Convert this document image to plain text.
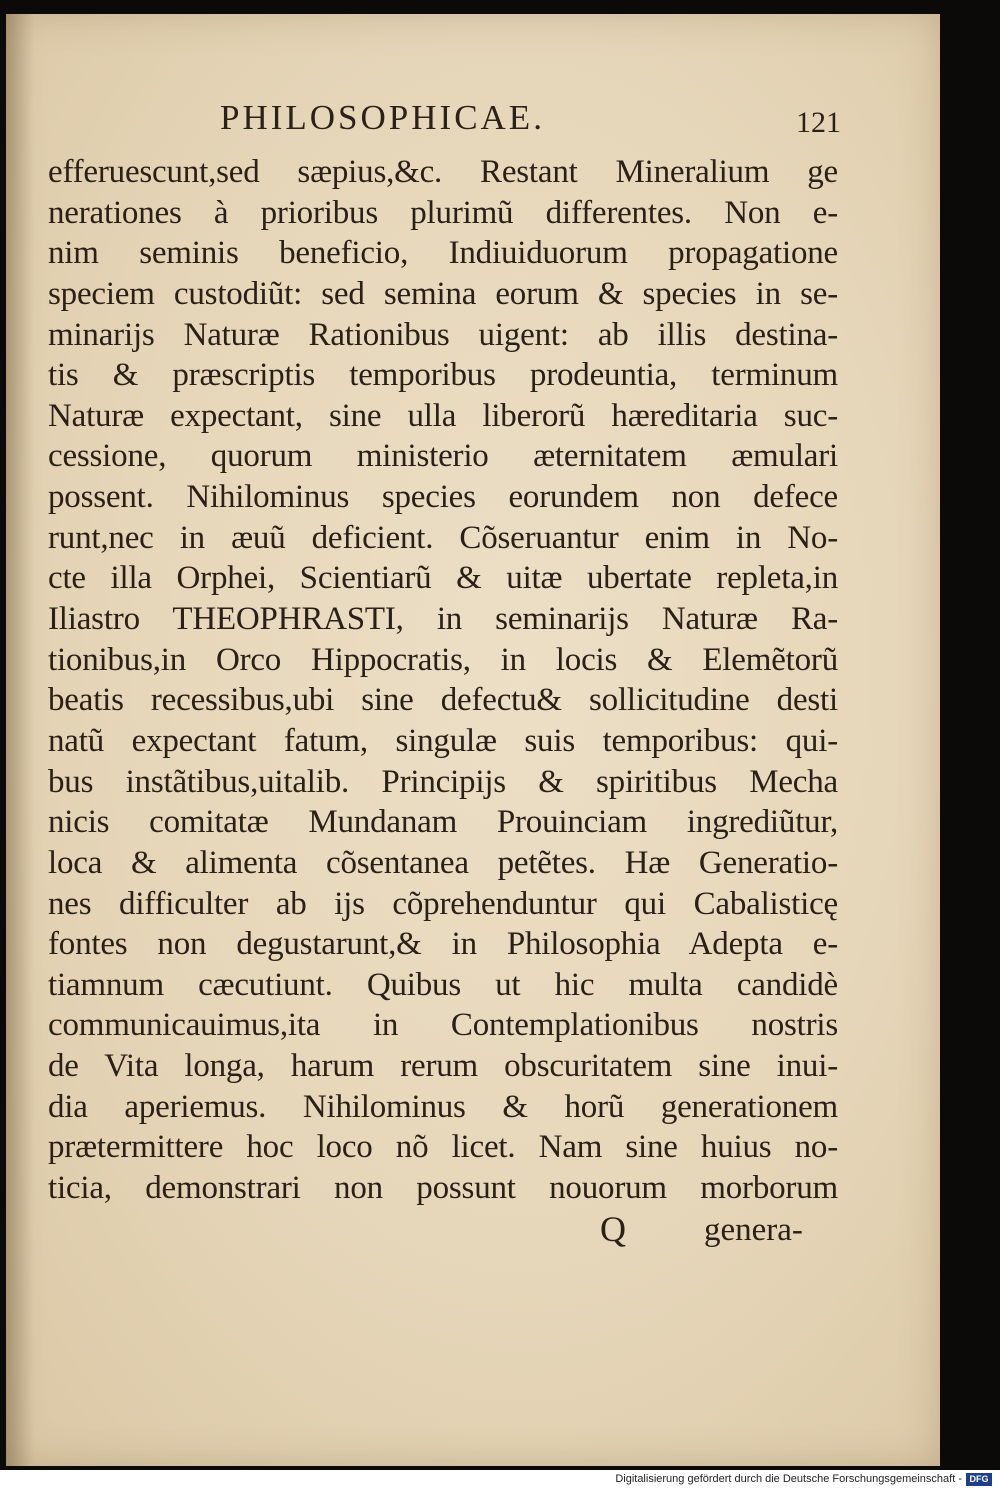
PHILOSOPHICAE.	121
efferuescunt,sed sæpius,&c. Restant Mineralium ge
nerationes à prioribus plurimũ differentes. Non e-
nim seminis beneficio, Indiuiduorum propagatione
speciem custodiũt: sed semina eorum & species in se-
minarijs Naturæ Rationibus uigent: ab illis destina-
tis & præscriptis temporibus prodeuntia, terminum
Naturæ expectant, sine ulla liberorũ hæreditaria suc-
cessione, quorum ministerio æternitatem æmulari
possent. Nihilominus species eorundem non defece
runt,nec in æuũ deficient. Cõseruantur enim in No-
cte illa Orphei, Scientiarũ & uitæ ubertate repleta,in
Iliastro THEOPHRASTI, in seminarijs Naturæ Ra-
tionibus,in Orco Hippocratis, in locis & Elemẽtorũ
beatis recessibus,ubi sine defectu& sollicitudine desti
natũ expectant fatum, singulæ suis temporibus: qui-
bus instãtibus,uitalib. Principijs & spiritibus Mecha
nicis comitatæ Mundanam Prouinciam ingrediũtur,
loca & alimenta cõsentanea petẽtes. Hæ Generatio-
nes difficulter ab ijs cõprehenduntur qui Cabalisticę
fontes non degustarunt,& in Philosophia Adepta e-
tiamnum cæcutiunt. Quibus ut hic multa candidè
communicauimus,ita in Contemplationibus nostris
de Vita longa, harum rerum obscuritatem sine inui-
dia aperiemus. Nihilominus & horũ generationem
prætermittere hoc loco nõ licet. Nam sine huius no-
ticia, demonstrari non possunt nouorum morborum
Q genera-
Digitalisierung gefördert durch die Deutsche Forschungsgemeinschaft - DFG
